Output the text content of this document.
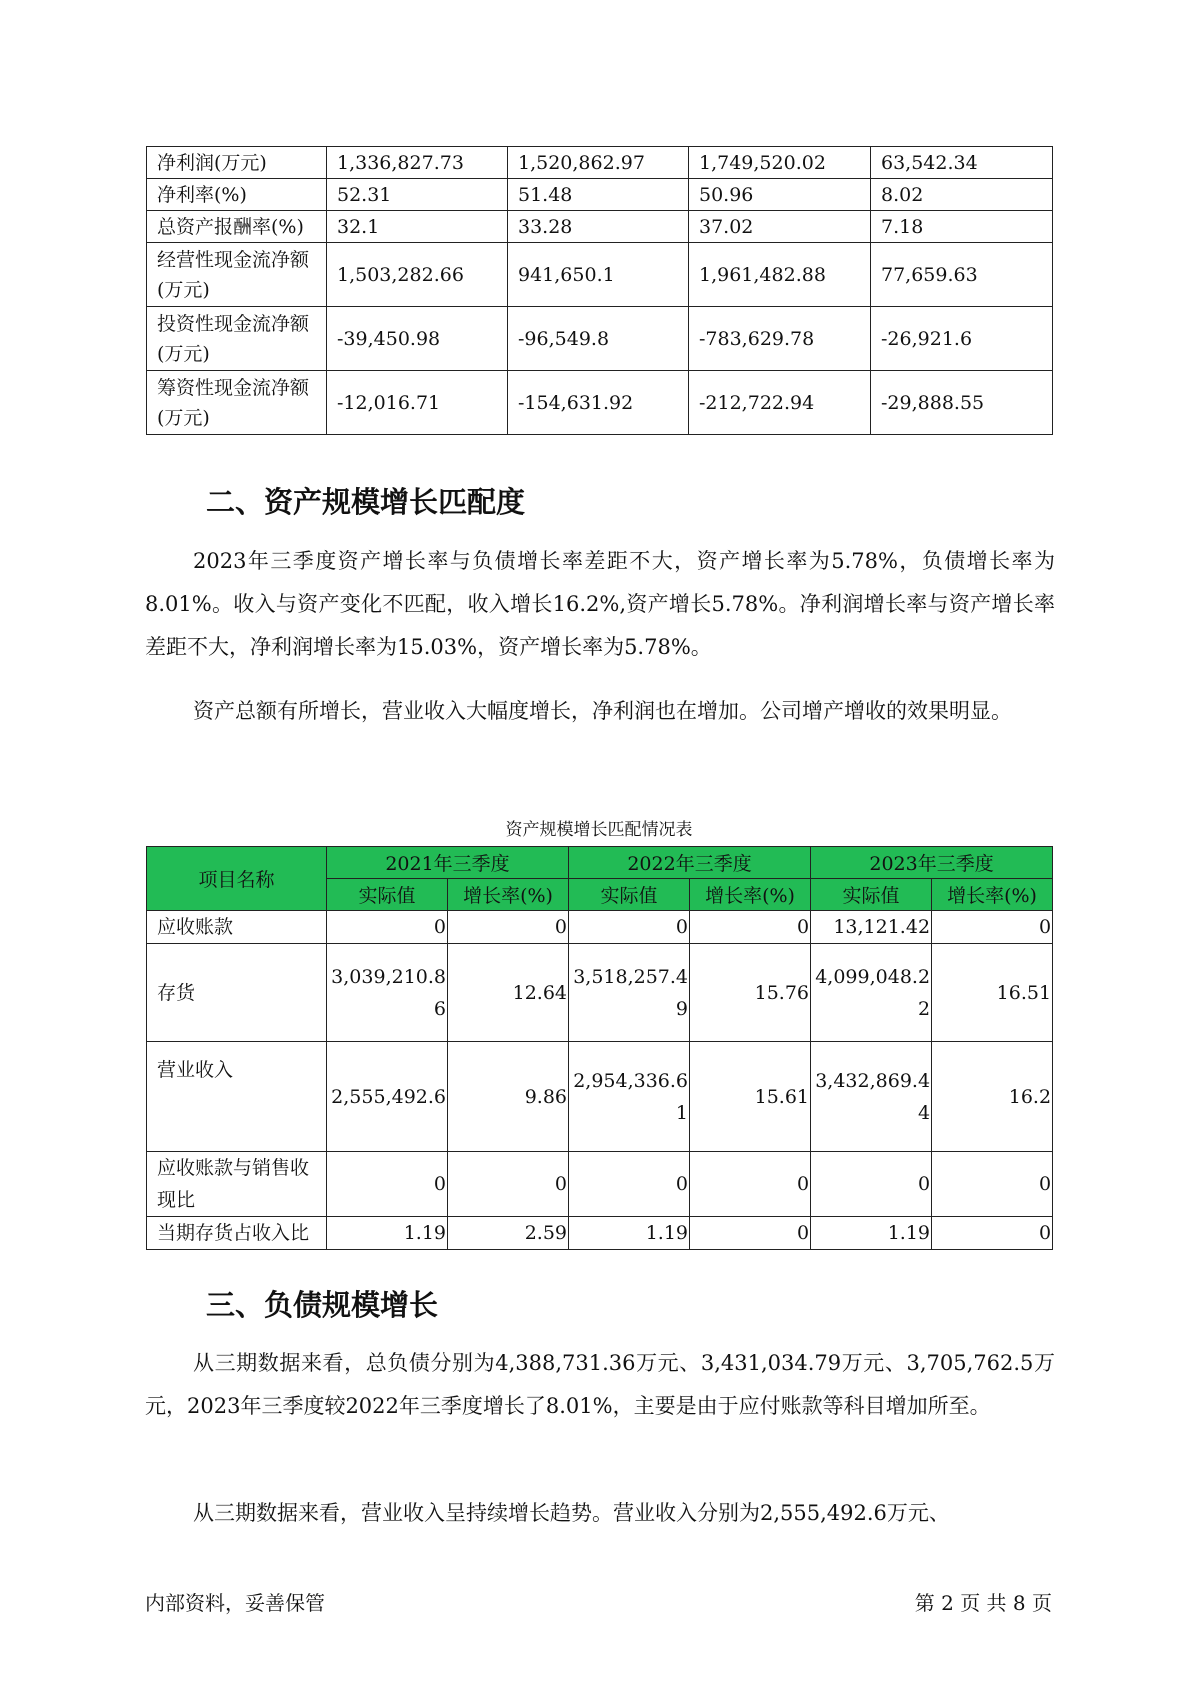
净利润(万元)	1,336,827.73	1,520,862.97	1,749,520.02	63,542.34
净利率(%)	52.31	51.48	50.96	8.02
总资产报酬率(%)	32.1	33.28	37.02	7.18
经营性现金流净额(万元)	1,503,282.66	941,650.1	1,961,482.88	77,659.63
投资性现金流净额(万元)	-39,450.98	-96,549.8	-783,629.78	-26,921.6
筹资性现金流净额(万元)	-12,016.71	-154,631.92	-212,722.94	-29,888.55
二、资产规模增长匹配度

2023年三季度资产增长率与负债增长率差距不大，资产增长率为5.78%，负债增长率为8.01%。收入与资产变化不匹配，收入增长16.2%,资产增长5.78%。净利润增长率与资产增长率差距不大，净利润增长率为15.03%，资产增长率为5.78%。

资产总额有所增长，营业收入大幅度增长，净利润也在增加。公司增产增收的效果明显。

资产规模增长匹配情况表
项目名称	2021年三季度		2022年三季度		2023年三季度	
	实际值	增长率(%)	实际值	增长率(%)	实际值	增长率(%)
应收账款	0	0	0	0	13,121.42	0
存货	3,039,210.86	12.64	3,518,257.49	15.76	4,099,048.22	16.51
营业收入	2,555,492.6	9.86	2,954,336.61	15.61	3,432,869.44	16.2
应收账款与销售收现比	0	0	0	0	0	0
当期存货占收入比	1.19	2.59	1.19	0	1.19	0
三、负债规模增长

从三期数据来看，总负债分别为4,388,731.36万元、3,431,034.79万元、3,705,762.5万元，2023年三季度较2022年三季度增长了8.01%，主要是由于应付账款等科目增加所至。

从三期数据来看，营业收入呈持续增长趋势。营业收入分别为2,555,492.6万元、

内部资料，妥善保管	第 2 页 共 8 页
